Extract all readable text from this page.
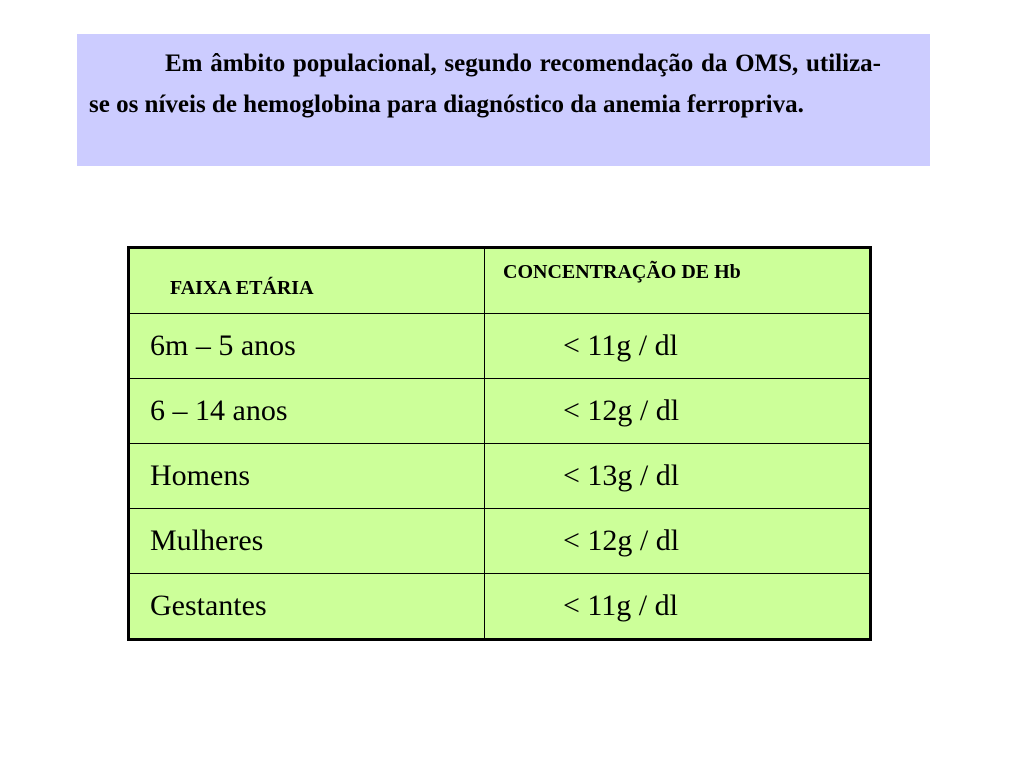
Em âmbito populacional, segundo recomendação da OMS, utiliza-se os níveis de hemoglobina para diagnóstico da anemia ferropriva.

FAIXA ETÁRIA	CONCENTRAÇÃO DE Hb
6m – 5 anos	< 11g / dl
6 – 14 anos	< 12g / dl
Homens	< 13g / dl
Mulheres	< 12g / dl
Gestantes	< 11g / dl
